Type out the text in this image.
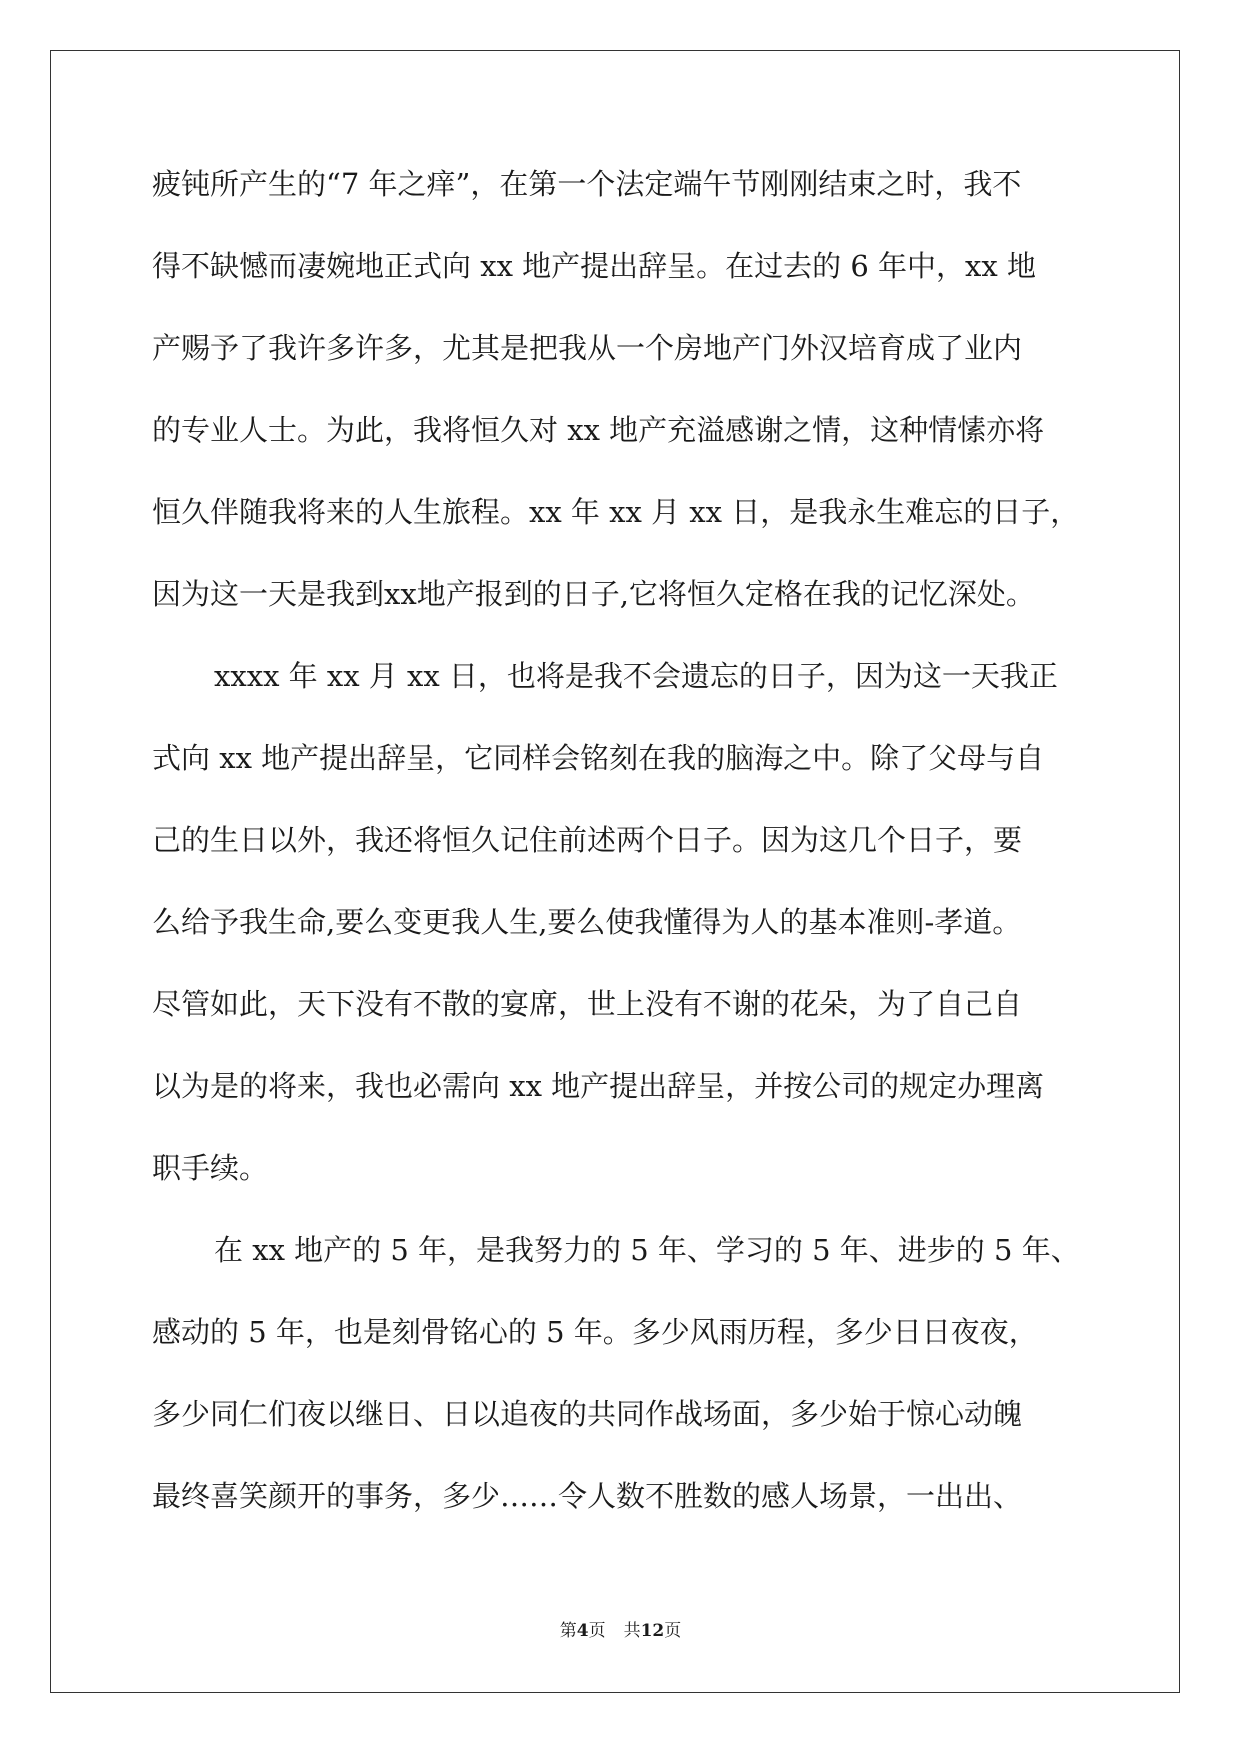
疲钝所产生的“7 年之痒”，在第一个法定端午节刚刚结束之时，我不
得不缺憾而凄婉地正式向 xx 地产提出辞呈。在过去的 6 年中，xx 地
产赐予了我许多许多，尤其是把我从一个房地产门外汉培育成了业内
的专业人士。为此，我将恒久对 xx 地产充溢感谢之情，这种情愫亦将
恒久伴随我将来的人生旅程。xx 年 xx 月 xx 日，是我永生难忘的日子，
因为这一天是我到xx地产报到的日子,它将恒久定格在我的记忆深处。
xxxx 年 xx 月 xx 日，也将是我不会遗忘的日子，因为这一天我正
式向 xx 地产提出辞呈，它同样会铭刻在我的脑海之中。除了父母与自
己的生日以外，我还将恒久记住前述两个日子。因为这几个日子，要
么给予我生命,要么变更我人生,要么使我懂得为人的基本准则-孝道。
尽管如此，天下没有不散的宴席，世上没有不谢的花朵，为了自己自
以为是的将来，我也必需向 xx 地产提出辞呈，并按公司的规定办理离
职手续。
在 xx 地产的 5 年，是我努力的 5 年、学习的 5 年、进步的 5 年、
感动的 5 年，也是刻骨铭心的 5 年。多少风雨历程，多少日日夜夜，
多少同仁们夜以继日、日以追夜的共同作战场面，多少始于惊心动魄
最终喜笑颜开的事务，多少……令人数不胜数的感人场景，一出出、
第4页 共12页
